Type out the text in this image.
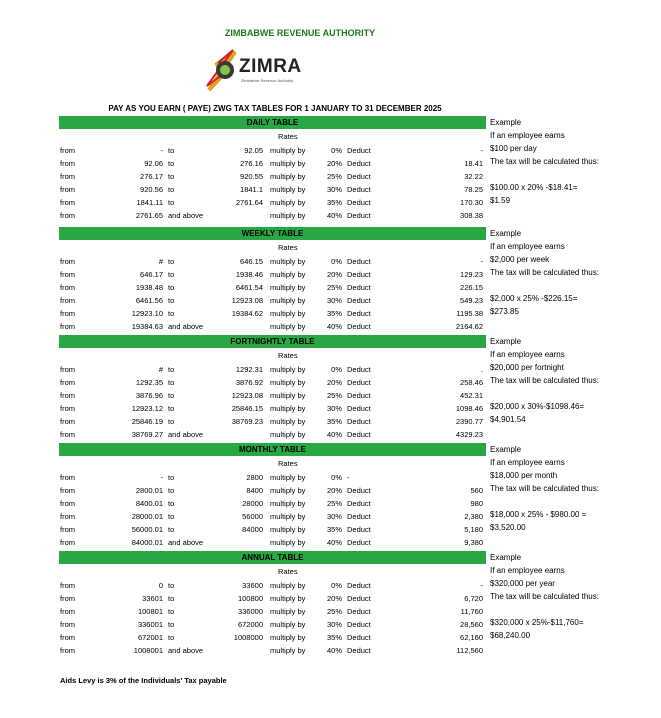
ZIMBABWE REVENUE AUTHORITY
ZIMRA
Zimbabwe Revenue Authority
PAY AS YOU EARN ( PAYE) ZWG TAX TABLES FOR 1 JANUARY TO 31 DECEMBER 2025
DAILY TABLE
Rates
from	- to	92.05 multiply by	0% Deduct	-
from	92.06 to	276.16 multiply by	20% Deduct	18.41
from	276.17 to	920.55 multiply by	25% Deduct	32.22
from	920.56 to	1841.1 multiply by	30% Deduct	78.25
from	1841.11 to	2761.64 multiply by	35% Deduct	170.30
from	2761.65 and above	multiply by	40% Deduct	308.38
Example
If an employee earns
$100 per day
The tax will be calculated thus:
$100.00 x 20% -$18.41=
$1.59
WEEKLY TABLE
Rates
from	# to	646.15 multiply by	0% Deduct	-
from	646.17 to	1938.46 multiply by	20% Deduct	129.23
from	1938.48 to	6461.54 multiply by	25% Deduct	226.15
from	6461.56 to	12923.08 multiply by	30% Deduct	549.23
from	12923.10 to	19384.62 multiply by	35% Deduct	1195.38
from	19384.63 and above	multiply by	40% Deduct	2164.62
Example
If an employee earns
$2,000 per week
The tax will be calculated thus:
$2,000 x 25% -$226.15=
$273.85
FORTNIGHTLY TABLE
Rates
from	# to	1292.31 multiply by	0% Deduct	.
from	1292.35 to	3876.92 multiply by	20% Deduct	258.46
from	3876.96 to	12923.08 multiply by	25% Deduct	452.31
from	12923.12 to	25846.15 multiply by	30% Deduct	1098.46
from	25846.19 to	38769.23 multiply by	35% Deduct	2390.77
from	38769.27 and above	multiply by	40% Deduct	4329.23
Example
If an employee earns
$20,000 per fortnight
The tax will be calculated thus:
$20,000 x 30%-$1098.46=
$4,901.54
MONTHLY TABLE
Rates
from	- to	2800 multiply by	0% -
from	2800.01 to	8400 multiply by	20% Deduct	560
from	8400.01 to	28000 multiply by	25% Deduct	980
from	28000.01 to	56000 multiply by	30% Deduct	2,380
from	56000.01 to	84000 multiply by	35% Deduct	5,180
from	84000.01 and above	multiply by	40% Deduct	9,380
Example
If an employee earns
$18,000 per month
The tax will be calculated thus:
$18,000 x 25% - $980.00 =
$3,520.00
ANNUAL TABLE
Rates
from	0 to	33600 multiply by	0% Deduct	-
from	33601 to	100800 multiply by	20% Deduct	6,720
from	100801 to	336000 multiply by	25% Deduct	11,760
from	336001 to	672000 multiply by	30% Deduct	28,560
from	672001 to	1008000 multiply by	35% Deduct	62,160
from	1008001 and above	multiply by	40% Deduct	112,560
Example
If an employee earns
$320,000 per year
The tax will be calculated thus:
$320,000 x 25%-$11,760=
$68,240.00
Aids Levy is 3% of the Individuals' Tax payable
